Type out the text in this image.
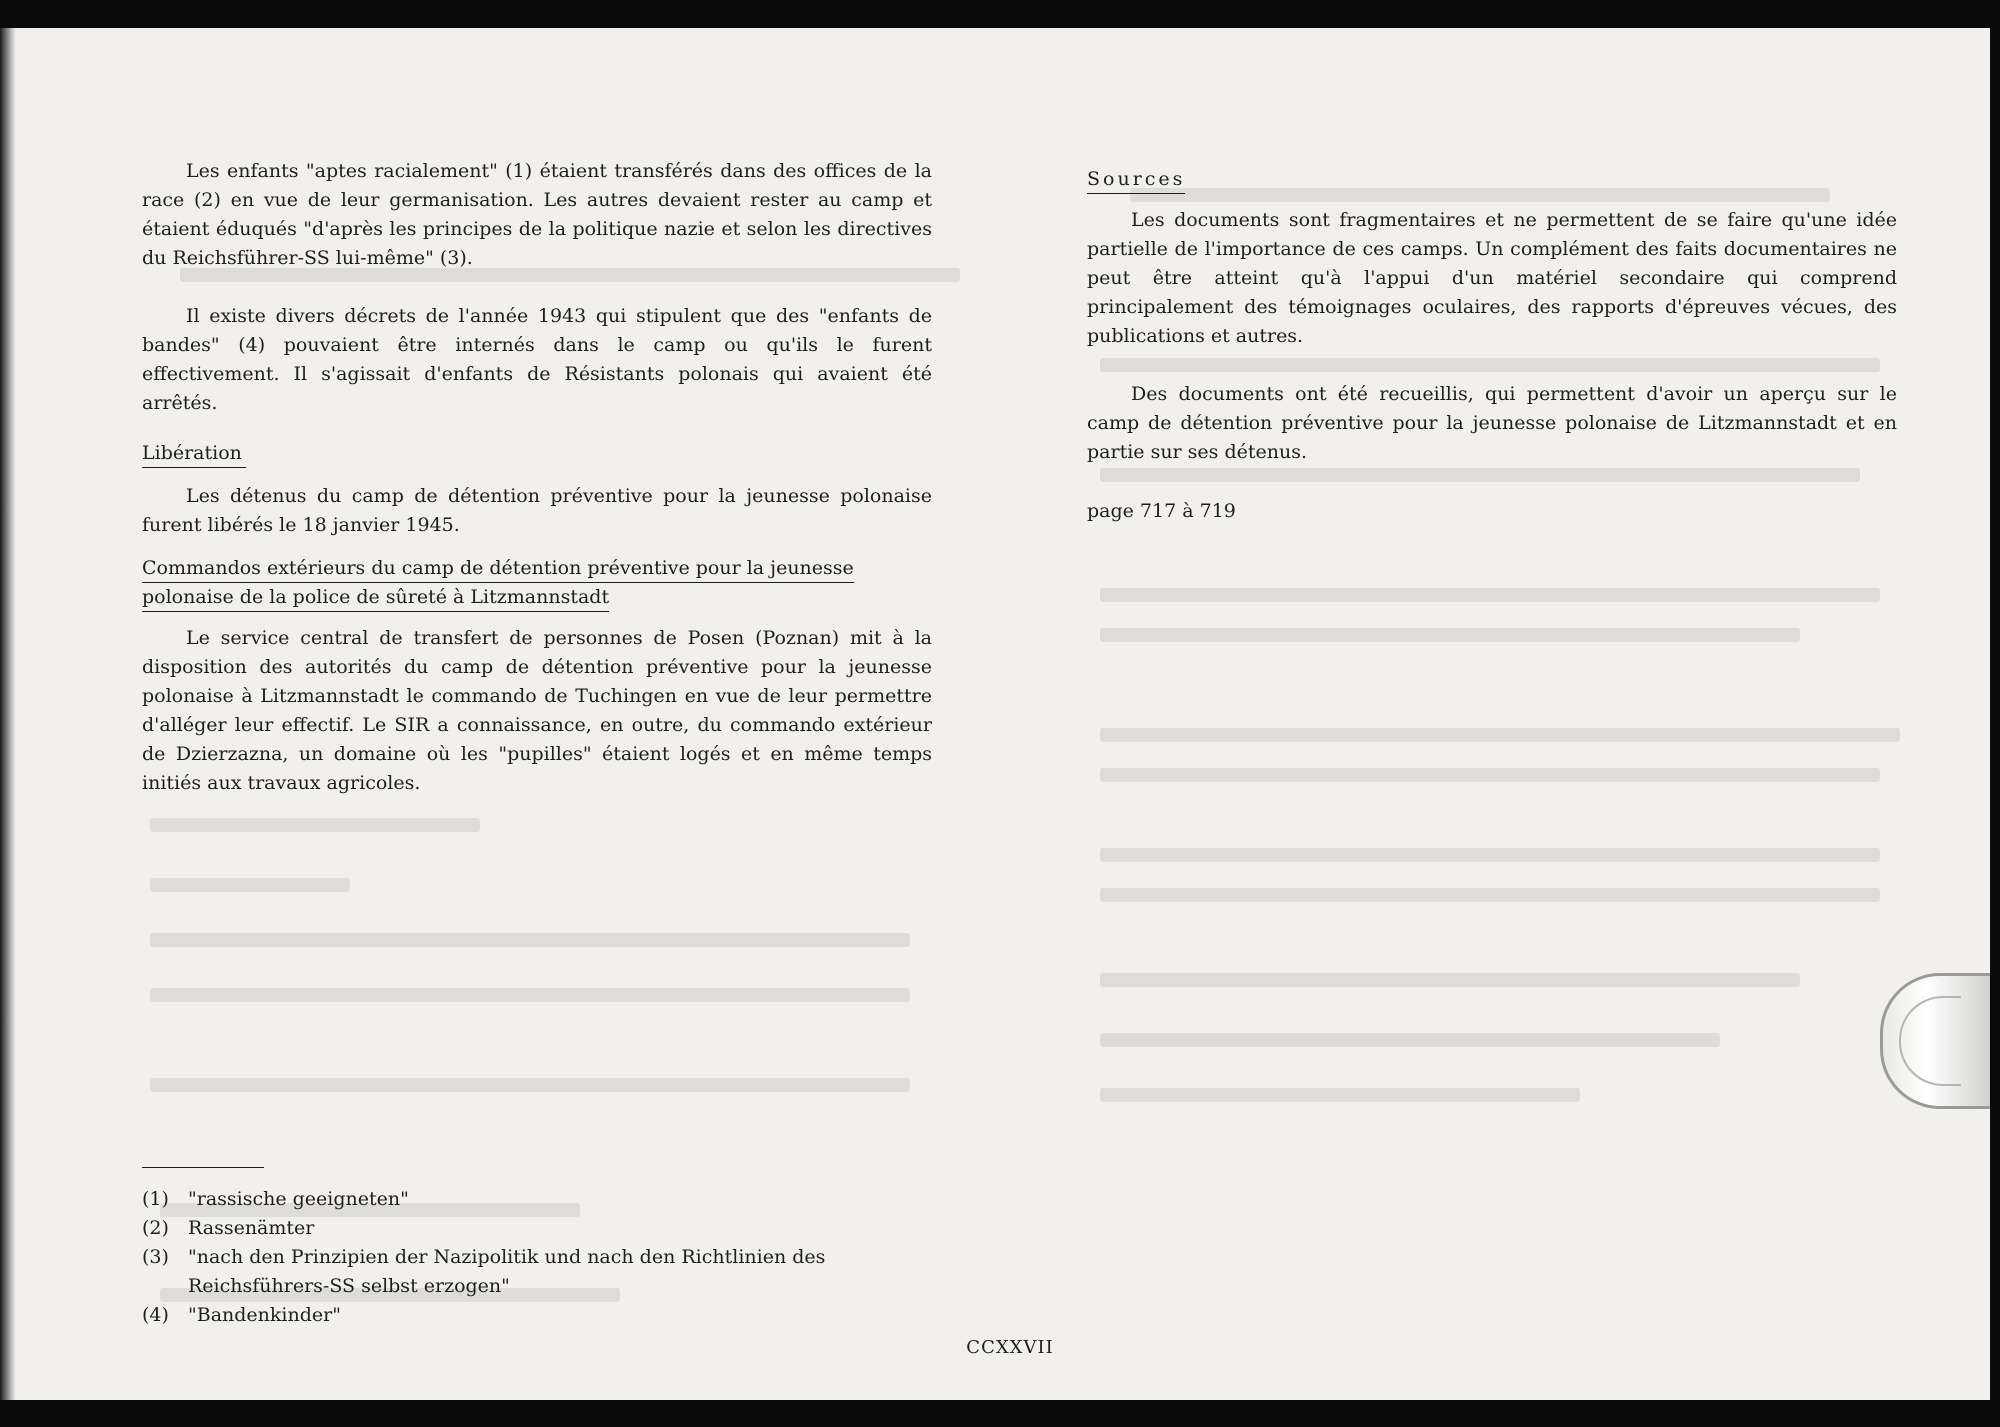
Les enfants "aptes racialement" (1) étaient transférés dans des offices de la race (2) en vue de leur germanisation. Les autres devaient rester au camp et étaient éduqués "d'après les principes de la politique nazie et selon les directives du Reichsführer-SS lui-même" (3).

Il existe divers décrets de l'année 1943 qui stipulent que des "enfants de bandes" (4) pouvaient être internés dans le camp ou qu'ils le furent effectivement. Il s'agissait d'enfants de Résistants polonais qui avaient été arrêtés.

Libération

Les détenus du camp de détention préventive pour la jeunesse polonaise furent libérés le 18 janvier 1945.

Commandos extérieurs du camp de détention préventive pour la jeunesse
polonaise de la police de sûreté à Litzmannstadt

Le service central de transfert de personnes de Posen (Poznan) mit à la disposition des autorités du camp de détention préventive pour la jeunesse polonaise à Litzmannstadt le commando de Tuchingen en vue de leur permettre d'alléger leur effectif. Le SIR a connaissance, en outre, du commando extérieur de Dzierzazna, un domaine où les "pupilles" étaient logés et en même temps initiés aux travaux agricoles.

Sources

Les documents sont fragmentaires et ne permettent de se faire qu'une idée partielle de l'importance de ces camps. Un complément des faits documentaires ne peut être atteint qu'à l'appui d'un matériel secondaire qui comprend principalement des témoignages oculaires, des rapports d'épreuves vécues, des publications et autres.

Des documents ont été recueillis, qui permettent d'avoir un aperçu sur le camp de détention préventive pour la jeunesse polonaise de Litzmannstadt et en partie sur ses détenus.

page 717 à 719

(1)	"rassische geeigneten"
(2)	Rassenämter
(3)	"nach den Prinzipien der Nazipolitik und nach den Richtlinien des Reichsführers-SS selbst erzogen"
(4)	"Bandenkinder"
CCXXVII
